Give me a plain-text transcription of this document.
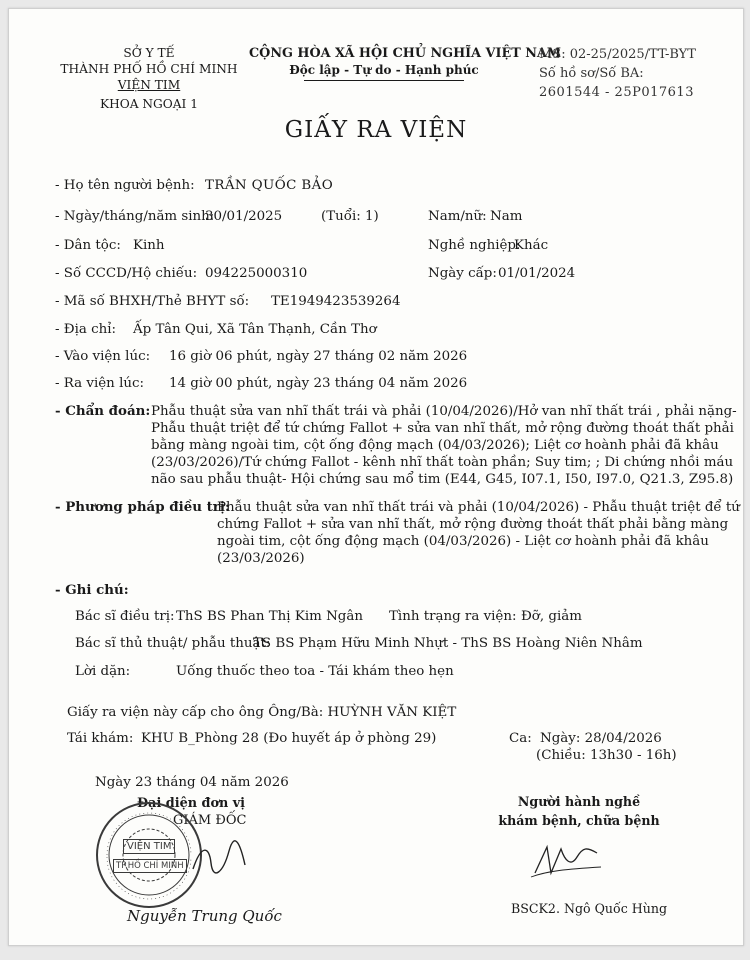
SỞ Y TẾ
THÀNH PHỐ HỒ CHÍ MINH
VIỆN TIM
KHOA NGOẠI 1
CỘNG HÒA XÃ HỘI CHỦ NGHĨA VIỆT NAM
Độc lập - Tự do - Hạnh phúc
MS: 02-25/2025/TT-BYT
Số hồ sơ/Số BA:
2601544 - 25P017613
GIẤY RA VIỆN
- Họ tên người bệnh: TRẦN QUỐC BẢO
- Ngày/tháng/năm sinh:
30/01/2025	(Tuổi: 1)	Nam/nữ: Nam
- Dân tộc: Kinh	Nghề nghiệp:
Khác
- Số CCCD/Hộ chiếu: 094225000310	Ngày cấp: 01/01/2024
- Mã số BHXH/Thẻ BHYT số: TE1949423539264
- Địa chỉ: Ấp Tân Qui, Xã Tân Thạnh, Cần Thơ
- Vào viện lúc: 16 giờ 06 phút, ngày 27 tháng 02 năm 2026
- Ra viện lúc: 14 giờ 00 phút, ngày 23 tháng 04 năm 2026
- Chẩn đoán: Phẫu thuật sửa van nhĩ thất trái và phải (10/04/2026)/Hở van nhĩ thất trái , phải nặng-
Phẫu thuật triệt để tứ chứng Fallot + sửa van nhĩ thất, mở rộng đường thoát thất phải
bằng màng ngoài tim, cột ống động mạch (04/03/2026); Liệt cơ hoành phải đã khâu
(23/03/2026)/Tứ chứng Fallot - kênh nhĩ thất toàn phần; Suy tim; ; Di chứng nhồi máu
não sau phẫu thuật- Hội chứng sau mổ tim (E44, G45, I07.1, I50, I97.0, Q21.3, Z95.8)
- Phương pháp điều trị:
Phẫu thuật sửa van nhĩ thất trái và phải (10/04/2026) - Phẫu thuật triệt để tứ
chứng Fallot + sửa van nhĩ thất, mở rộng đường thoát thất phải bằng màng
ngoài tim, cột ống động mạch (04/03/2026) - Liệt cơ hoành phải đã khâu
(23/03/2026)
- Ghi chú:
Bác sĩ điều trị: ThS BS Phan Thị Kim Ngân Tình trạng ra viện: Đỡ, giảm
Bác sĩ thủ thuật/ phẫu thuật:
TS BS Phạm Hữu Minh Nhựt - ThS BS Hoàng Niên Nhâm
Lời dặn:	Uống thuốc theo toa - Tái khám theo hẹn
Giấy ra viện này cấp cho ông Ông/Bà: HUỲNH VĂN KIỆT
Tái khám: KHU B_Phòng 28 (Đo huyết áp ở phòng 29)	Ca: Ngày: 28/04/2026
(Chiều: 13h30 - 16h)
Ngày 23 tháng 04 năm 2026
Đại diện đơn vị
GIÁM ĐỐC
VIỆN TIM
TP.HỒ CHÍ MINH
Nguyễn Trung Quốc
Người hành nghề
khám bệnh, chữa bệnh
BSCK2. Ngô Quốc Hùng
